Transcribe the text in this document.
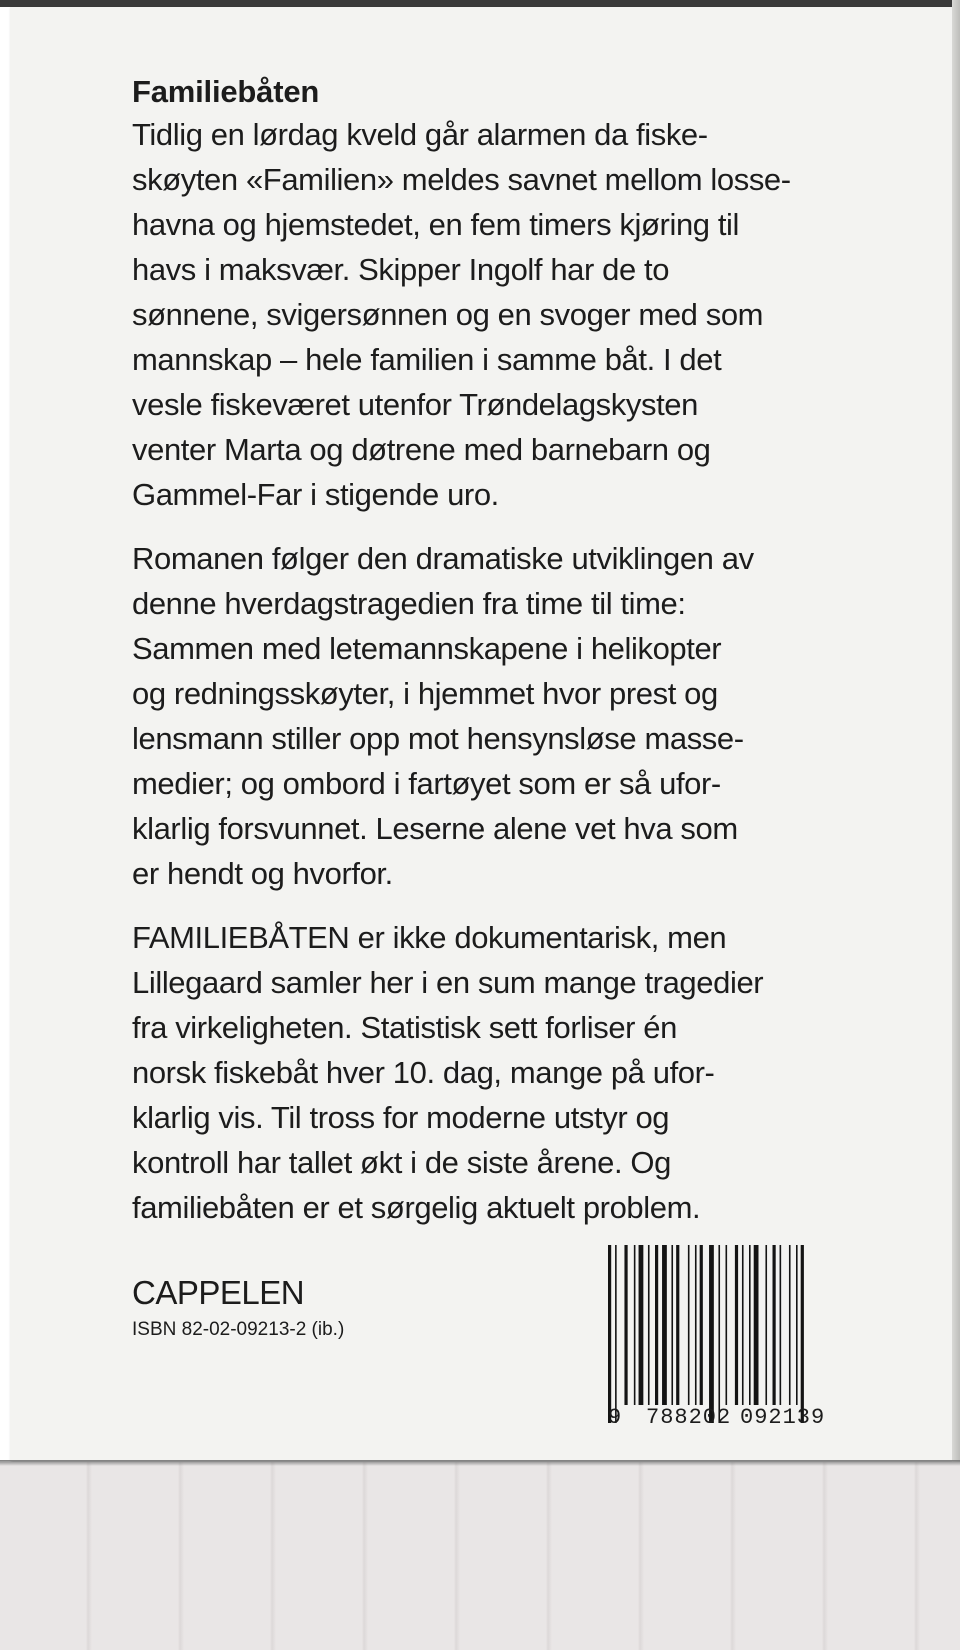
Familiebåten

Tidlig en lørdag kveld går alarmen da fiske-
skøyten «Familien» meldes savnet mellom losse-
havna og hjemstedet, en fem timers kjøring til
havs i maksvær. Skipper Ingolf har de to
sønnene, svigersønnen og en svoger med som
mannskap – hele familien i samme båt. I det
vesle fiskeværet utenfor Trøndelagskysten
venter Marta og døtrene med barnebarn og
Gammel-Far i stigende uro.

Romanen følger den dramatiske utviklingen av
denne hverdagstragedien fra time til time:
Sammen med letemannskapene i helikopter
og redningsskøyter, i hjemmet hvor prest og
lensmann stiller opp mot hensynsløse masse-
medier; og ombord i fartøyet som er så ufor-
klarlig forsvunnet. Leserne alene vet hva som
er hendt og hvorfor.

FAMILIEBÅTEN er ikke dokumentarisk, men
Lillegaard samler her i en sum mange tragedier
fra virkeligheten. Statistisk sett forliser én
norsk fiskebåt hver 10. dag, mange på ufor-
klarlig vis. Til tross for moderne utstyr og
kontroll har tallet økt i de siste årene. Og
familiebåten er et sørgelig aktuelt problem.

CAPPELEN
ISBN 82-02-09213-2 (ib.)
9 788202 092139
